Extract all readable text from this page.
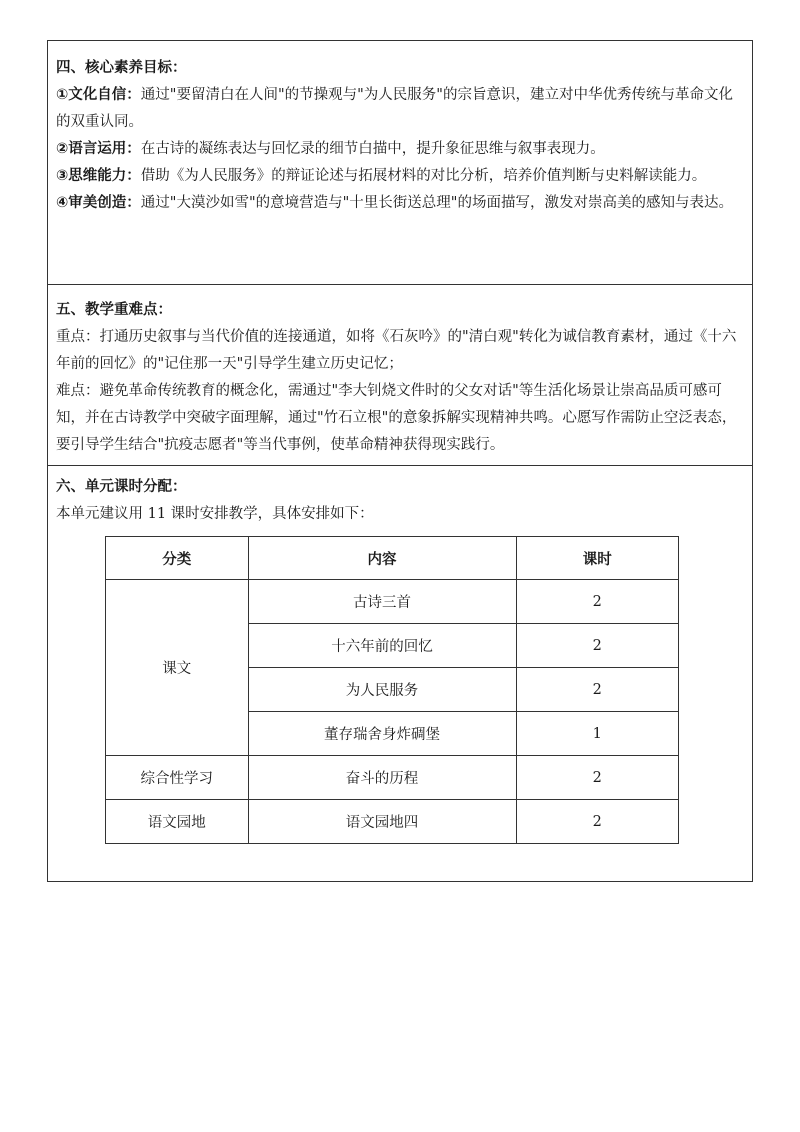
四、核心素养目标：

①文化自信：通过"要留清白在人间"的节操观与"为人民服务"的宗旨意识，建立对中华优秀传统与革命文化的双重认同。

②语言运用：在古诗的凝练表达与回忆录的细节白描中，提升象征思维与叙事表现力。

③思维能力：借助《为人民服务》的辩证论述与拓展材料的对比分析，培养价值判断与史料解读能力。

④审美创造：通过"大漠沙如雪"的意境营造与"十里长街送总理"的场面描写，激发对崇高美的感知与表达。

五、教学重难点：

重点：打通历史叙事与当代价值的连接通道，如将《石灰吟》的"清白观"转化为诚信教育素材，通过《十六年前的回忆》的"记住那一天"引导学生建立历史记忆；

难点：避免革命传统教育的概念化，需通过"李大钊烧文件时的父女对话"等生活化场景让崇高品质可感可知，并在古诗教学中突破字面理解，通过"竹石立根"的意象拆解实现精神共鸣。心愿写作需防止空泛表态，要引导学生结合"抗疫志愿者"等当代事例，使革命精神获得现实践行。

六、单元课时分配：

本单元建议用 11 课时安排教学，具体安排如下：

分类	内容	课时
课文	古诗三首	2
	十六年前的回忆	2
	为人民服务	2
	董存瑞舍身炸碉堡	1
综合性学习	奋斗的历程	2
语文园地	语文园地四	2
